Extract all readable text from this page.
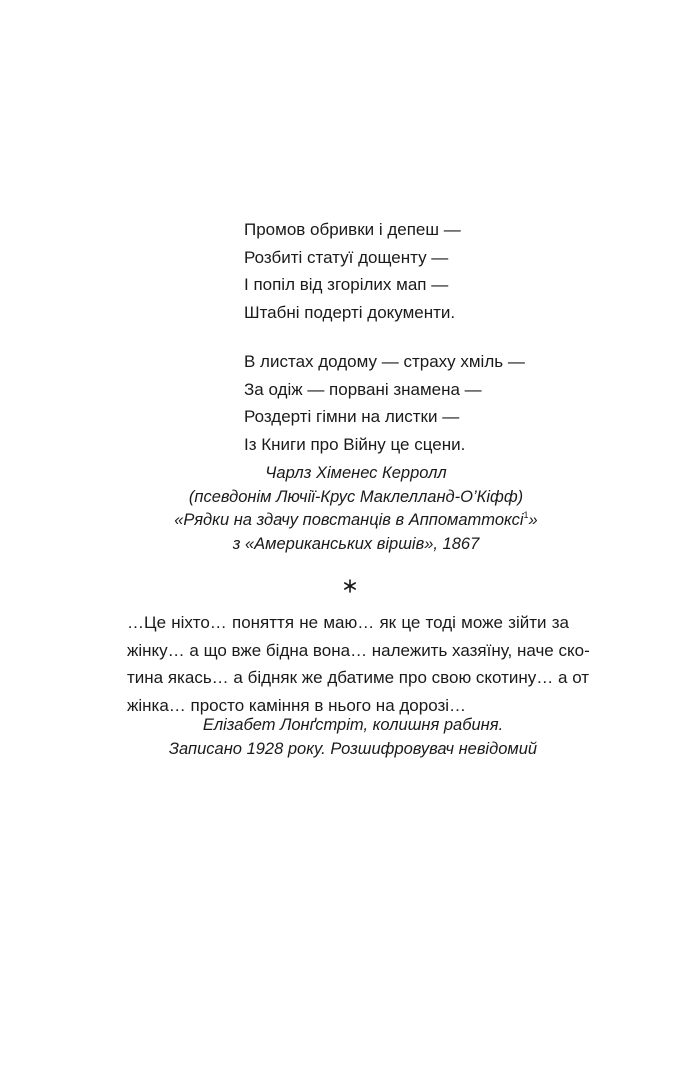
Промов обривки і депеш —
Розбиті статуї дощенту —
І попіл від згорілих мап —
Штабні подерті документи.
В листах додому — страху хміль —
За одіж — порвані знамена —
Роздерті гімни на листки —
Із Книги про Війну це сцени.
Чарлз Хіменес Керролл
(псевдонім Лючії-Крус Маклелланд-О’Кіфф)
«Рядки на здачу повстанців в Аппоматтоксі$^1$»
з «Американських віршів», 1867
…Це ніхто… поняття не маю… як це тоді може зійти за
жінку… а що вже бідна вона… належить хазяїну, наче ско-
тина якась… а бідняк же дбатиме про свою скотину… а от
жінка… просто каміння в нього на дорозі…
Елізабет Лонґстріт, колишня рабиня.
Записано 1928 року. Розшифровувач невідомий
